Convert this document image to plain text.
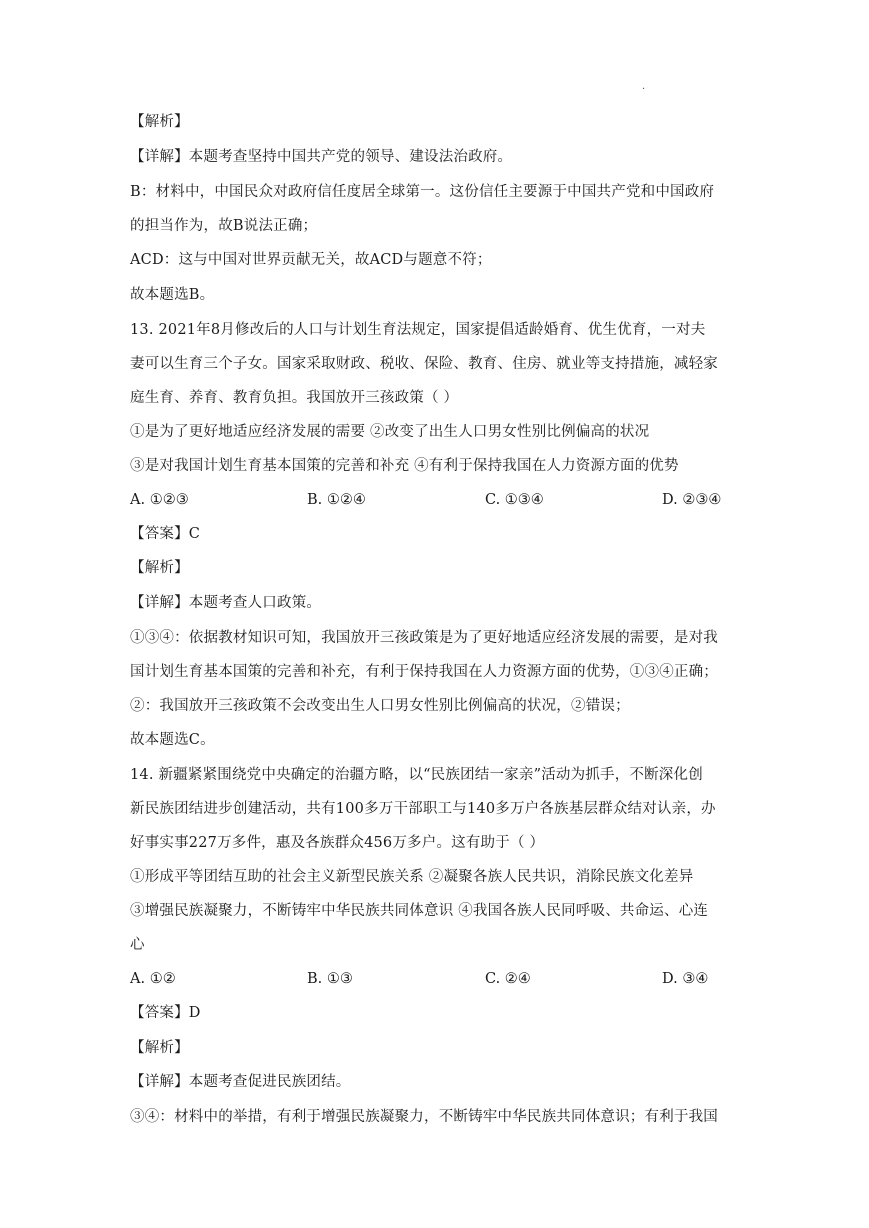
·
【解析】
【详解】本题考查坚持中国共产党的领导、建设法治政府。
B：材料中，中国民众对政府信任度居全球第一。这份信任主要源于中国共产党和中国政府
的担当作为，故B说法正确；
ACD：这与中国对世界贡献无关，故ACD与题意不符；
故本题选B。
13. 2021年8月修改后的人口与计划生育法规定，国家提倡适龄婚育、优生优育，一对夫
妻可以生育三个子女。国家采取财政、税收、保险、教育、住房、就业等支持措施，减轻家
庭生育、养育、教育负担。我国放开三孩政策（ ）
①是为了更好地适应经济发展的需要 ②改变了出生人口男女性别比例偏高的状况
③是对我国计划生育基本国策的完善和补充 ④有利于保持我国在人力资源方面的优势
A. ①②③	B. ①②④	C. ①③④	D. ②③④
【答案】C
【解析】
【详解】本题考查人口政策。
①③④：依据教材知识可知，我国放开三孩政策是为了更好地适应经济发展的需要，是对我
国计划生育基本国策的完善和补充，有利于保持我国在人力资源方面的优势，①③④正确；
②：我国放开三孩政策不会改变出生人口男女性别比例偏高的状况，②错误；
故本题选C。
14. 新疆紧紧围绕党中央确定的治疆方略，以“民族团结一家亲”活动为抓手，不断深化创
新民族团结进步创建活动，共有100多万干部职工与140多万户各族基层群众结对认亲，办
好事实事227万多件，惠及各族群众456万多户。这有助于（ ）
①形成平等团结互助的社会主义新型民族关系 ②凝聚各族人民共识，消除民族文化差异
③增强民族凝聚力，不断铸牢中华民族共同体意识 ④我国各族人民同呼吸、共命运、心连
心
A. ①②	B. ①③	C. ②④	D. ③④
【答案】D
【解析】
【详解】本题考查促进民族团结。
③④：材料中的举措，有利于增强民族凝聚力，不断铸牢中华民族共同体意识；有利于我国
